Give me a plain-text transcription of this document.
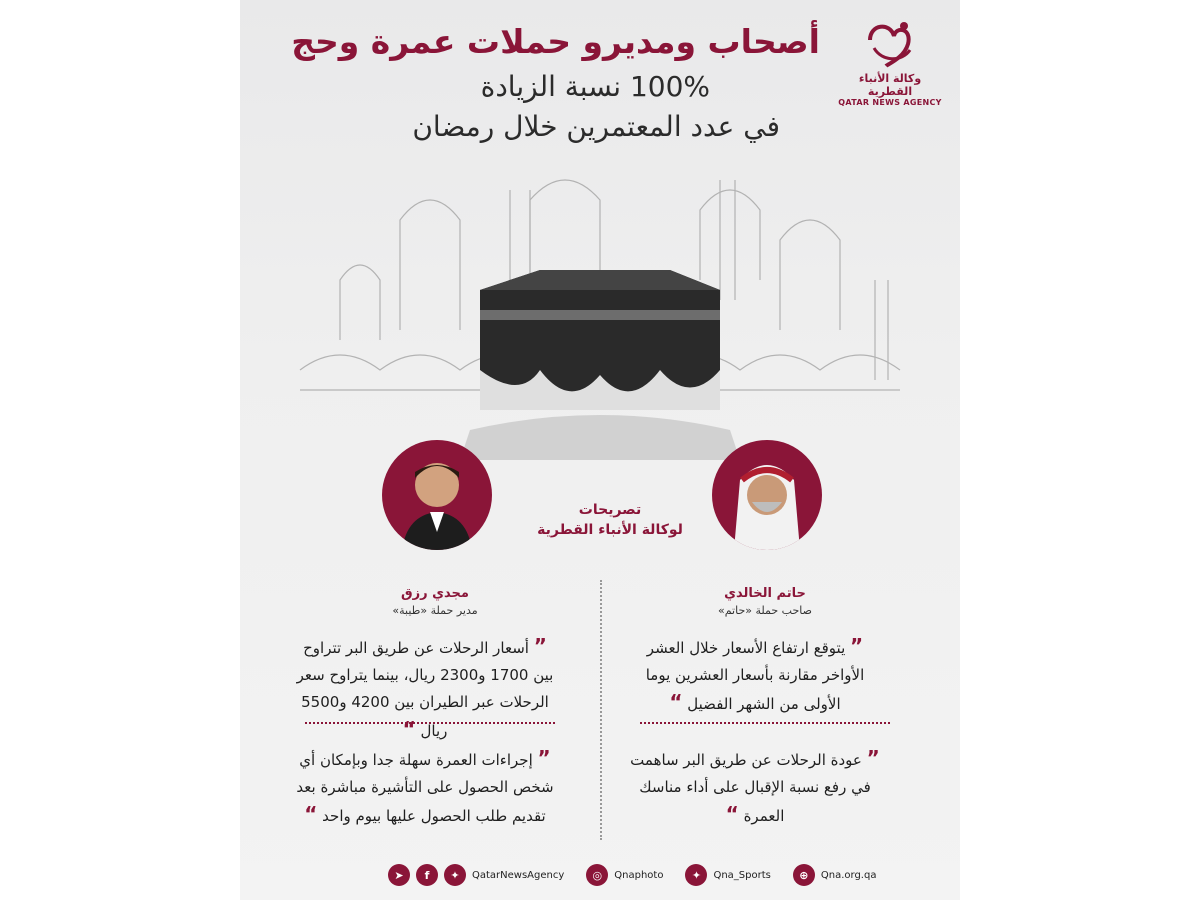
وكالة الأنباء القطرية
QATAR NEWS AGENCY
أصحاب ومديرو حملات عمرة وحج
100% نسبة الزيادة
في عدد المعتمرين خلال رمضان
تصريحات
لوكالة الأنباء القطرية
مجدي رزق
مدير حملة «طيبة»
حاتم الخالدي
صاحب حملة «حاتم»
” أسعار الرحلات عن طريق البر تتراوح بين 1700 و2300 ريال، بينما يتراوح سعر الرحلات عبر الطيران بين 4200 و5500 ريال “
” إجراءات العمرة سهلة جدا وبإمكان أي شخص الحصول على التأشيرة مباشرة بعد تقديم طلب الحصول عليها بيوم واحد “
” يتوقع ارتفاع الأسعار خلال العشر الأواخر مقارنة بأسعار العشرين يوما الأولى من الشهر الفضيل “
” عودة الرحلات عن طريق البر ساهمت في رفع نسبة الإقبال على أداء مناسك العمرة “
➤	f	✦	QatarNewsAgency	◎	Qnaphoto	✦	Qna_Sports	⊕	Qna.org.qa
